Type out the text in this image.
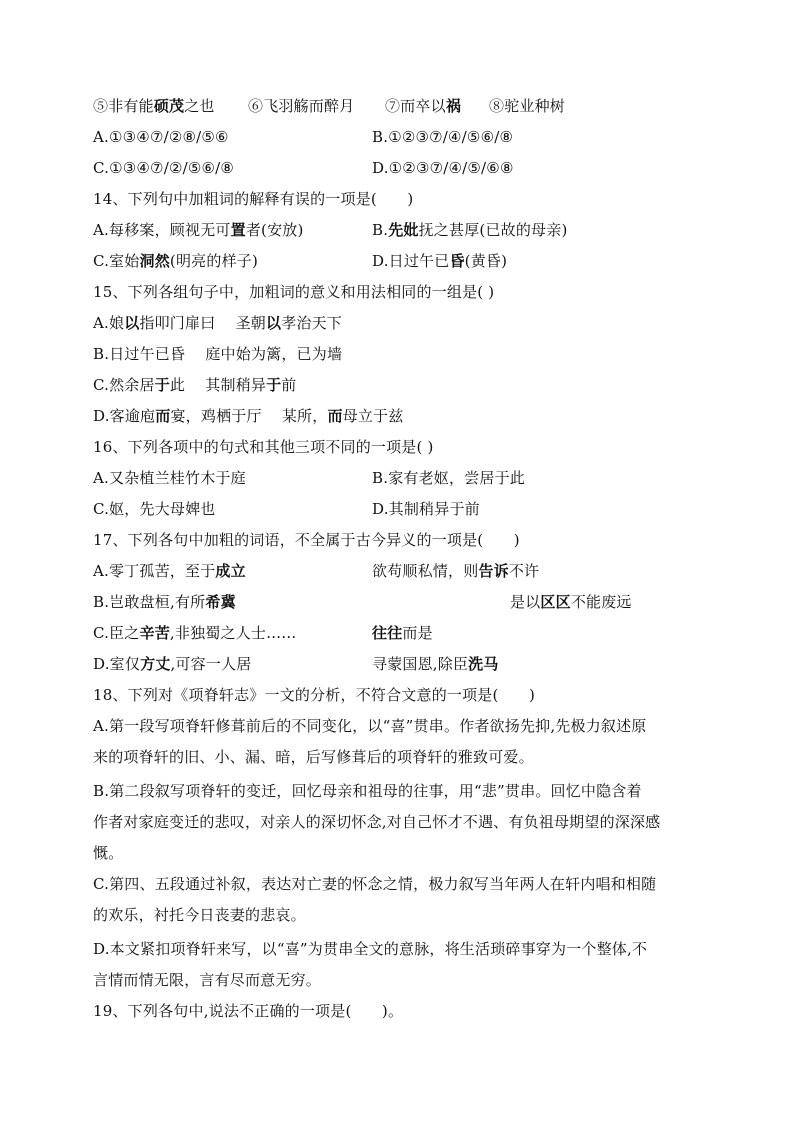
⑤非有能硕茂之也 ⑥飞羽觞而醉月 ⑦而卒以祸 ⑧驼业种树
A.①③④⑦/②⑧/⑤⑥	B.①②③⑦/④/⑤⑥/⑧
C.①③④⑦/②/⑤⑥/⑧	D.①②③⑦/④/⑤/⑥⑧
14、下列句中加粗词的解释有误的一项是(　　)
A.每移案，顾视无可置者(安放)	B.先妣抚之甚厚(已故的母亲)
C.室始洞然(明亮的样子)	D.日过午已昏(黄昏)
15、下列各组句子中，加粗词的意义和用法相同的一组是( )
A.娘以指叩门扉曰　 圣朝以孝治天下
B.日过午已昏　 庭中始为篱，已为墙
C.然余居于此　 其制稍异于前
D.客逾庖而宴，鸡栖于厅　 某所，而母立于兹
16、下列各项中的句式和其他三项不同的一项是( )
A.又杂植兰桂竹木于庭	B.家有老妪，尝居于此
C.妪，先大母婢也	D.其制稍异于前
17、下列各句中加粗的词语，不全属于古今异义的一项是(　　)
A.零丁孤苦，至于成立	欲苟顺私情，则告诉不许
B.岂敢盘桓,有所希冀	是以区区不能废远
C.臣之辛苦,非独蜀之人士……	往往而是
D.室仅方丈,可容一人居	寻蒙国恩,除臣洗马
18、下列对《项脊轩志》一文的分析，不符合文意的一项是(　　)
A.第一段写项脊轩修葺前后的不同变化，以“喜”贯串。作者欲扬先抑,先极力叙述原
来的项脊轩的旧、小、漏、暗，后写修葺后的项脊轩的雅致可爱。
B.第二段叙写项脊轩的变迁，回忆母亲和祖母的往事，用“悲”贯串。回忆中隐含着
作者对家庭变迁的悲叹，对亲人的深切怀念,对自己怀才不遇、有负祖母期望的深深感
慨。
C.第四、五段通过补叙，表达对亡妻的怀念之情，极力叙写当年两人在轩内唱和相随
的欢乐，衬托今日丧妻的悲哀。
D.本文紧扣项脊轩来写，以“喜”为贯串全文的意脉，将生活琐碎事穿为一个整体,不
言情而情无限，言有尽而意无穷。
19、下列各句中,说法不正确的一项是(　　)。
